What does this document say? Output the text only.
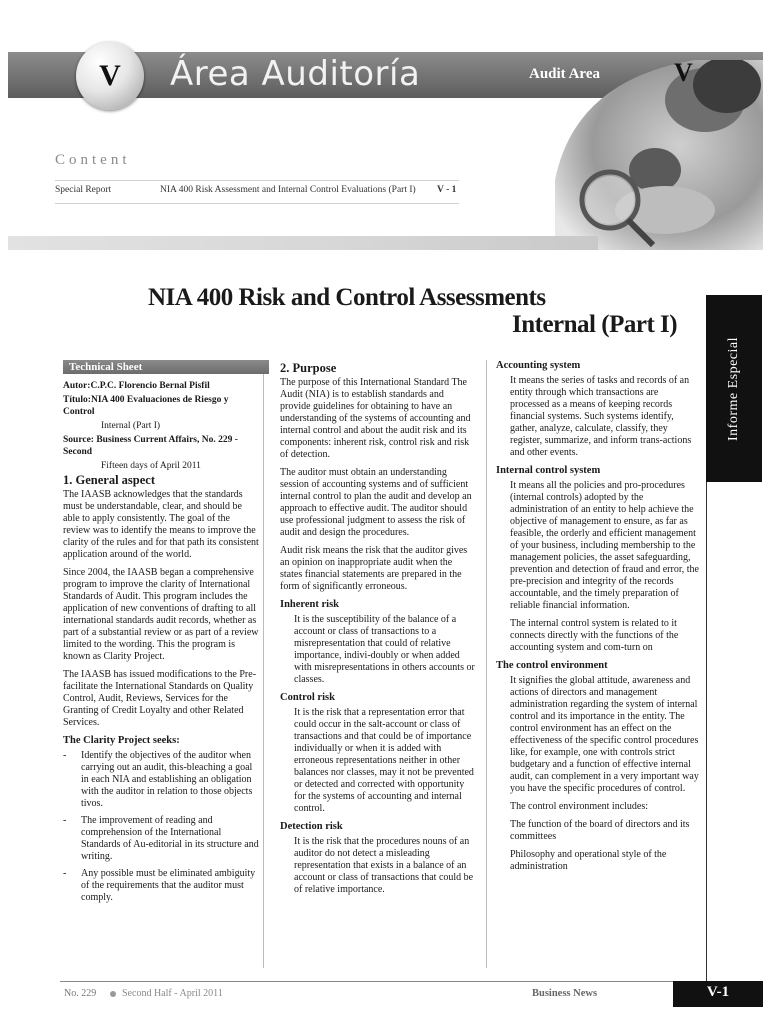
V Área Auditoría	Audit Area	V
Content
Special Report	NIA 400 Risk Assessment and Internal Control Evaluations (Part I) V - 1
NIA 400 Risk and Control Assessments
Internal (Part I)
Informe Especial
Technical Sheet
Autor:C.P.C. Florencio Bernal Pisfil
Título:NIA 400 Evaluaciones de Riesgo y Control
Internal (Part I)
Source: Business Current Affairs, No. 229 - Second
Fifteen days of April 2011
1. General aspect

The IAASB acknowledges that the standards must be understandable, clear, and should be able to apply consistently. The goal of the review was to identify the means to improve the clarity of the rules and for that path its consistent application around of the world.

Since 2004, the IAASB began a comprehensive program to improve the clarity of International Standards of Audit. This program includes the application of new conventions of drafting to all international standards audit records, whether as part of a substantial review or as part of a review limited to the wording. This the program is known as Clarity Project.

The IAASB has issued modifications to the Pre-facilitate the International Standards on Quality Control, Audit, Reviews, Services for the Granting of Credit Loyalty and other Related Services.

The Clarity Project seeks:
-	Identify the objectives of the auditor when carrying out an audit, this-bleaching a goal in each NIA and establishing an obligation with the auditor in relation to those objects tivos.
-	The improvement of reading and comprehension of the International Standards of Au-editorial in its structure and writing.
-	Any possible must be eliminated ambiguity of the requirements that the auditor must comply.
2. Purpose

The purpose of this International Standard The Audit (NIA) is to establish standards and provide guidelines for obtaining to have an understanding of the systems of accounting and internal control and about the audit risk and its components: inherent risk, control risk and risk of detection.

The auditor must obtain an understanding session of accounting systems and of sufficient internal control to plan the audit and develop an approach to effective audit. The auditor should use professional judgment to assess the risk of audit and design the procedures.

Audit risk means the risk that the auditor gives an opinion on inappropriate audit when the states financial statements are prepared in the form of significantly erroneous.

Inherent risk

It is the susceptibility of the balance of a account or class of transactions to a misrepresentation that could of relative importance, indivi-doubly or when added with misrepresentations in others accounts or classes.

Control risk

It is the risk that a representation error that could occur in the salt-account or class of transactions and that could be of importance individually or when it is added with erroneous representations neither in other balances nor classes, may it not be prevented or detected and corrected with opportunity for the systems of accounting and internal control.

Detection risk

It is the risk that the procedures nouns of an auditor do not detect a misleading representation that exists in a balance of an account or class of transactions that could be of relative importance.

Accounting system

It means the series of tasks and records of an entity through which transactions are processed as a means of keeping records financial systems. Such systems identify, gather, analyze, calculate, classify, they register, summarize, and inform trans-actions and other events.

Internal control system

It means all the policies and pro-procedures (internal controls) adopted by the administration of an entity to help achieve the objective of management to ensure, as far as feasible, the orderly and efficient management of your business, including membership to the management policies, the asset safeguarding, prevention and detection of fraud and error, the pre-precision and integrity of the records accountable, and the timely preparation of reliable financial information.

The internal control system is related to it connects directly with the functions of the accounting system and com-turn on

The control environment

It signifies the global attitude, awareness and actions of directors and management administration regarding the system of internal control and its importance in the entity. The control environment has an effect on the effectiveness of the specific control procedures like, for example, one with controls strict budgetary and a function of effective internal audit, can complement in a very important way you have the specific procedures of control.

The control environment includes:

The function of the board of directors and its committees

Philosophy and operational style of the administration

No. 229	Second Half - April 2011	Business News	V-1
